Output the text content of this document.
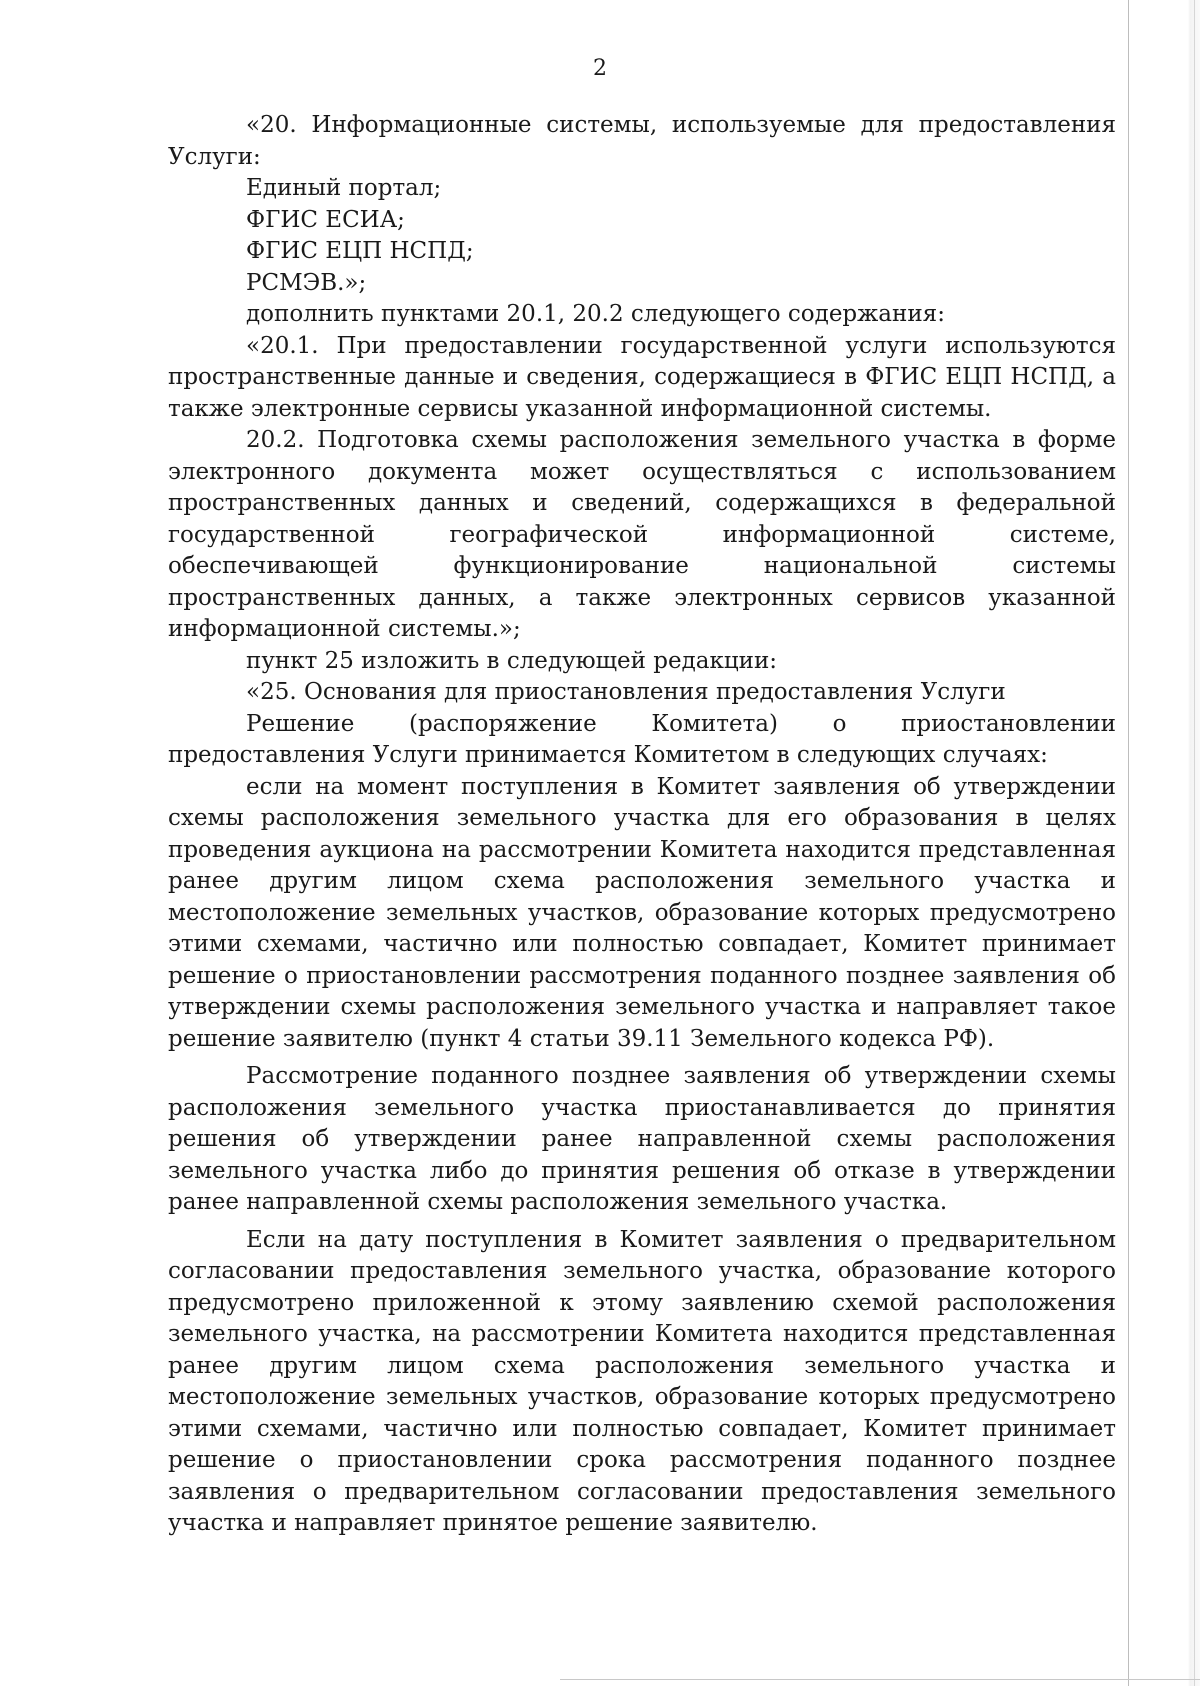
2

«20. Информационные системы, используемые для предоставления Услуги:

Единый портал;

ФГИС ЕСИА;

ФГИС ЕЦП НСПД;

РСМЭВ.»;

дополнить пунктами 20.1, 20.2 следующего содержания:

«20.1. При предоставлении государственной услуги используются пространственные данные и сведения, содержащиеся в ФГИС ЕЦП НСПД, а также электронные сервисы указанной информационной системы.

20.2. Подготовка схемы расположения земельного участка в форме электронного документа может осуществляться с использованием пространственных данных и сведений, содержащихся в федеральной государственной географической информационной системе, обеспечивающей функционирование национальной системы пространственных данных, а также электронных сервисов указанной информационной системы.»;

пункт 25 изложить в следующей редакции:

«25. Основания для приостановления предоставления Услуги

Решение (распоряжение Комитета) о приостановлении предоставления Услуги принимается Комитетом в следующих случаях:

если на момент поступления в Комитет заявления об утверждении схемы расположения земельного участка для его образования в целях проведения аукциона на рассмотрении Комитета находится представленная ранее другим лицом схема расположения земельного участка и местоположение земельных участков, образование которых предусмотрено этими схемами, частично или полностью совпадает, Комитет принимает решение о приостановлении рассмотрения поданного позднее заявления об утверждении схемы расположения земельного участка и направляет такое решение заявителю (пункт 4 статьи 39.11 Земельного кодекса РФ).

Рассмотрение поданного позднее заявления об утверждении схемы расположения земельного участка приостанавливается до принятия решения об утверждении ранее направленной схемы расположения земельного участка либо до принятия решения об отказе в утверждении ранее направленной схемы расположения земельного участка.

Если на дату поступления в Комитет заявления о предварительном согласовании предоставления земельного участка, образование которого предусмотрено приложенной к этому заявлению схемой расположения земельного участка, на рассмотрении Комитета находится представленная ранее другим лицом схема расположения земельного участка и местоположение земельных участков, образование которых предусмотрено этими схемами, частично или полностью совпадает, Комитет принимает решение о приостановлении срока рассмотрения поданного позднее заявления о предварительном согласовании предоставления земельного участка и направляет принятое решение заявителю.
